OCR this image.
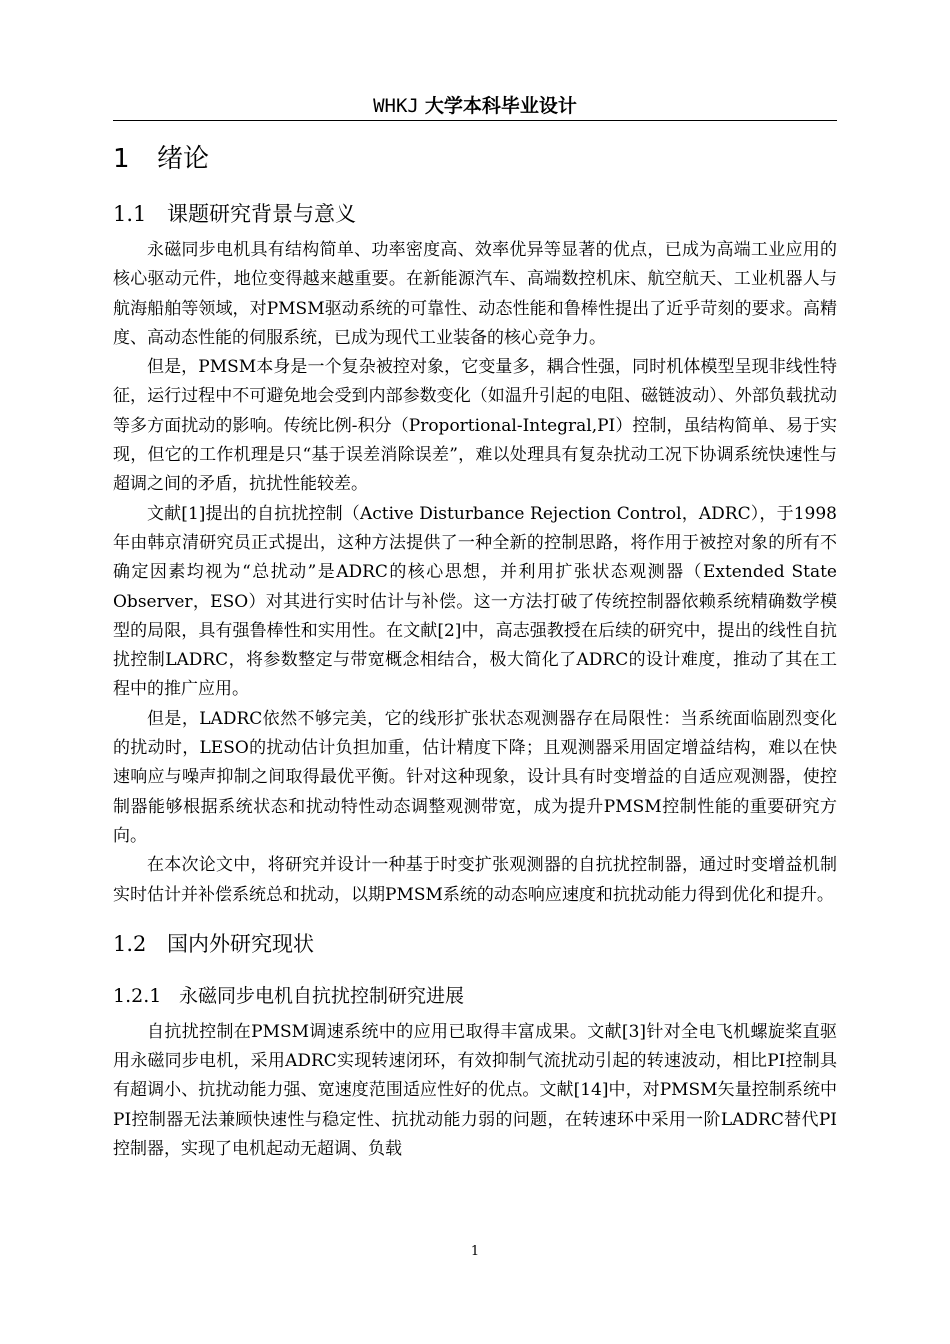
WHKJ 大学本科毕业设计
1 绪论
1.1 课题研究背景与意义

永磁同步电机具有结构简单、功率密度高、效率优异等显著的优点，已成为高端工业应用的核心驱动元件，地位变得越来越重要。在新能源汽车、高端数控机床、航空航天、工业机器人与航海船舶等领域，对PMSM驱动系统的可靠性、动态性能和鲁棒性提出了近乎苛刻的要求。高精度、高动态性能的伺服系统，已成为现代工业装备的核心竞争力。

但是，PMSM本身是一个复杂被控对象，它变量多，耦合性强，同时机体模型呈现非线性特征，运行过程中不可避免地会受到内部参数变化（如温升引起的电阻、磁链波动）、外部负载扰动等多方面扰动的影响。传统比例-积分（Proportional-Integral,PI）控制，虽结构简单、易于实现，但它的工作机理是只“基于误差消除误差”，难以处理具有复杂扰动工况下协调系统快速性与超调之间的矛盾，抗扰性能较差。

文献[1]提出的自抗扰控制（Active Disturbance Rejection Control，ADRC），于1998年由韩京清研究员正式提出，这种方法提供了一种全新的控制思路，将作用于被控对象的所有不确定因素均视为“总扰动”是ADRC的核心思想，并利用扩张状态观测器（Extended State Observer，ESO）对其进行实时估计与补偿。这一方法打破了传统控制器依赖系统精确数学模型的局限，具有强鲁棒性和实用性。在文献[2]中，高志强教授在后续的研究中，提出的线性自抗扰控制LADRC，将参数整定与带宽概念相结合，极大简化了ADRC的设计难度，推动了其在工程中的推广应用。

但是，LADRC依然不够完美，它的线形扩张状态观测器存在局限性：当系统面临剧烈变化的扰动时，LESO的扰动估计负担加重，估计精度下降；且观测器采用固定增益结构，难以在快速响应与噪声抑制之间取得最优平衡。针对这种现象，设计具有时变增益的自适应观测器，使控制器能够根据系统状态和扰动特性动态调整观测带宽，成为提升PMSM控制性能的重要研究方向。

在本次论文中，将研究并设计一种基于时变扩张观测器的自抗扰控制器，通过时变增益机制实时估计并补偿系统总和扰动，以期PMSM系统的动态响应速度和抗扰动能力得到优化和提升。

1.2 国内外研究现状
1.2.1 永磁同步电机自抗扰控制研究进展

自抗扰控制在PMSM调速系统中的应用已取得丰富成果。文献[3]针对全电飞机螺旋桨直驱用永磁同步电机，采用ADRC实现转速闭环，有效抑制气流扰动引起的转速波动，相比PI控制具有超调小、抗扰动能力强、宽速度范围适应性好的优点。文献[14]中，对PMSM矢量控制系统中PI控制器无法兼顾快速性与稳定性、抗扰动能力弱的问题，在转速环中采用一阶LADRC替代PI控制器，实现了电机起动无超调、负载

1
